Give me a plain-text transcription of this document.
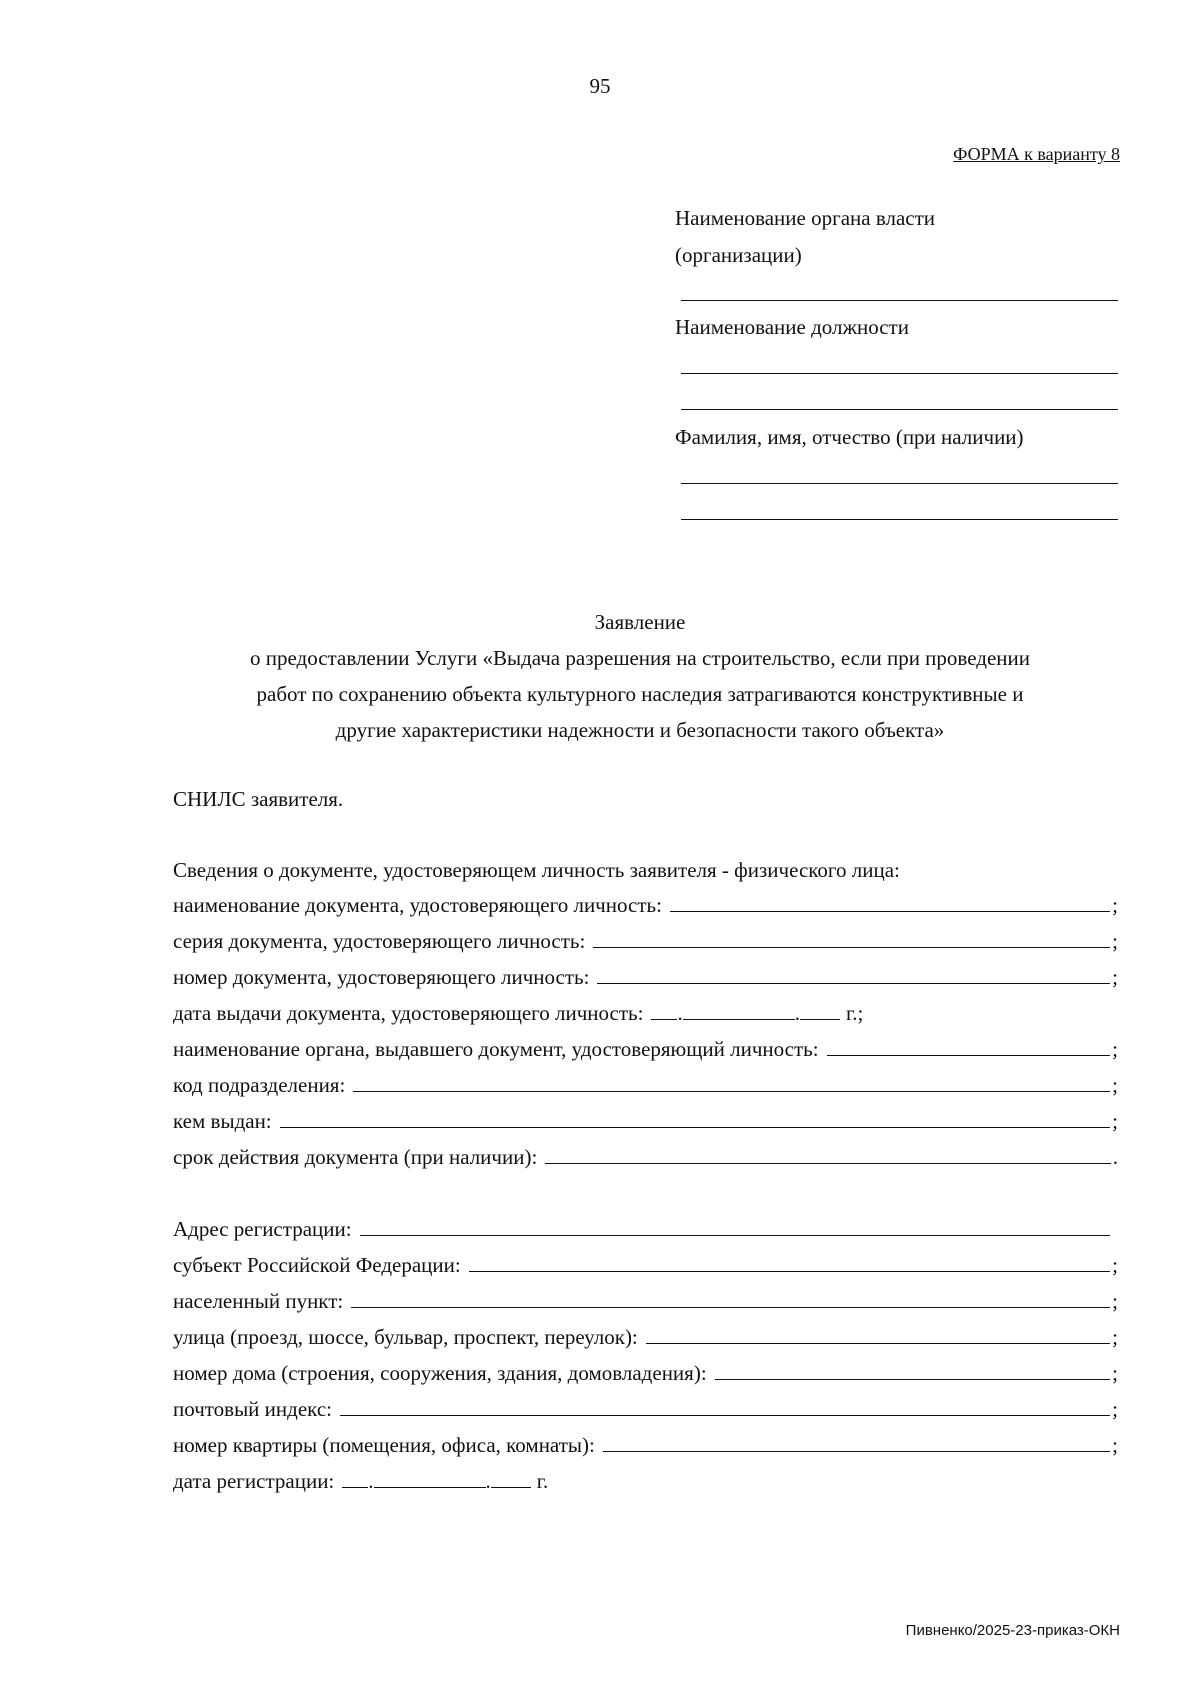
95
ФОРМА к варианту 8
Наименование органа власти
(организации)
Наименование должности
Фамилия, имя, отчество (при наличии)
Заявление
о предоставлении Услуги «Выдача разрешения на строительство, если при проведении
работ по сохранению объекта культурного наследия затрагиваются конструктивные и
другие характеристики надежности и безопасности такого объекта»
СНИЛС заявителя.
Сведения о документе, удостоверяющем личность заявителя - физического лица:
наименование документа, удостоверяющего личность:	;
серия документа, удостоверяющего личность:	;
номер документа, удостоверяющего личность:	;
дата выдачи документа, удостоверяющего личность: .	. г.;
наименование органа, выдавшего документ, удостоверяющий личность:	;
код подразделения:	;
кем выдан:	;
срок действия документа (при наличии):	.
Адрес регистрации:
субъект Российской Федерации:	;
населенный пункт:	;
улица (проезд, шоссе, бульвар, проспект, переулок):	;
номер дома (строения, сооружения, здания, домовладения):	;
почтовый индекс:	;
номер квартиры (помещения, офиса, комнаты):	;
дата регистрации: .	. г.
Пивненко/2025-23-приказ-ОКН
